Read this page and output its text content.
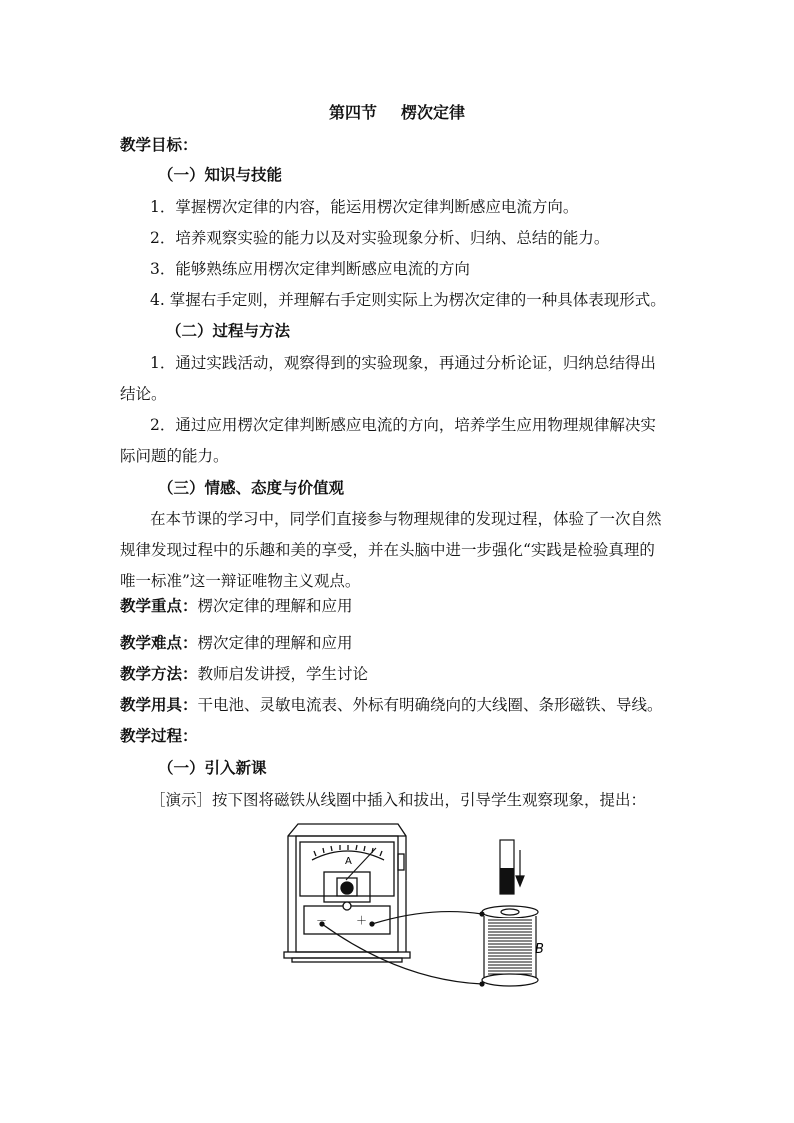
第四节 楞次定律
教学目标：
（一）知识与技能
1．掌握楞次定律的内容，能运用楞次定律判断感应电流方向。
2．培养观察实验的能力以及对实验现象分析、归纳、总结的能力。
3．能够熟练应用楞次定律判断感应电流的方向
4. 掌握右手定则，并理解右手定则实际上为楞次定律的一种具体表现形式。
（二）过程与方法
1．通过实践活动，观察得到的实验现象，再通过分析论证，归纳总结得出
结论。
2．通过应用楞次定律判断感应电流的方向，培养学生应用物理规律解决实
际问题的能力。
（三）情感、态度与价值观
在本节课的学习中，同学们直接参与物理规律的发现过程，体验了一次自然
规律发现过程中的乐趣和美的享受，并在头脑中进一步强化“实践是检验真理的
唯一标准”这一辩证唯物主义观点。
教学重点：楞次定律的理解和应用
教学难点：楞次定律的理解和应用
教学方法：教师启发讲授，学生讨论
教学用具：干电池、灵敏电流表、外标有明确绕向的大线圈、条形磁铁、导线。
教学过程：
（一）引入新课
［演示］按下图将磁铁从线圈中插入和拔出，引导学生观察现象，提出：
A
－	＋
B
